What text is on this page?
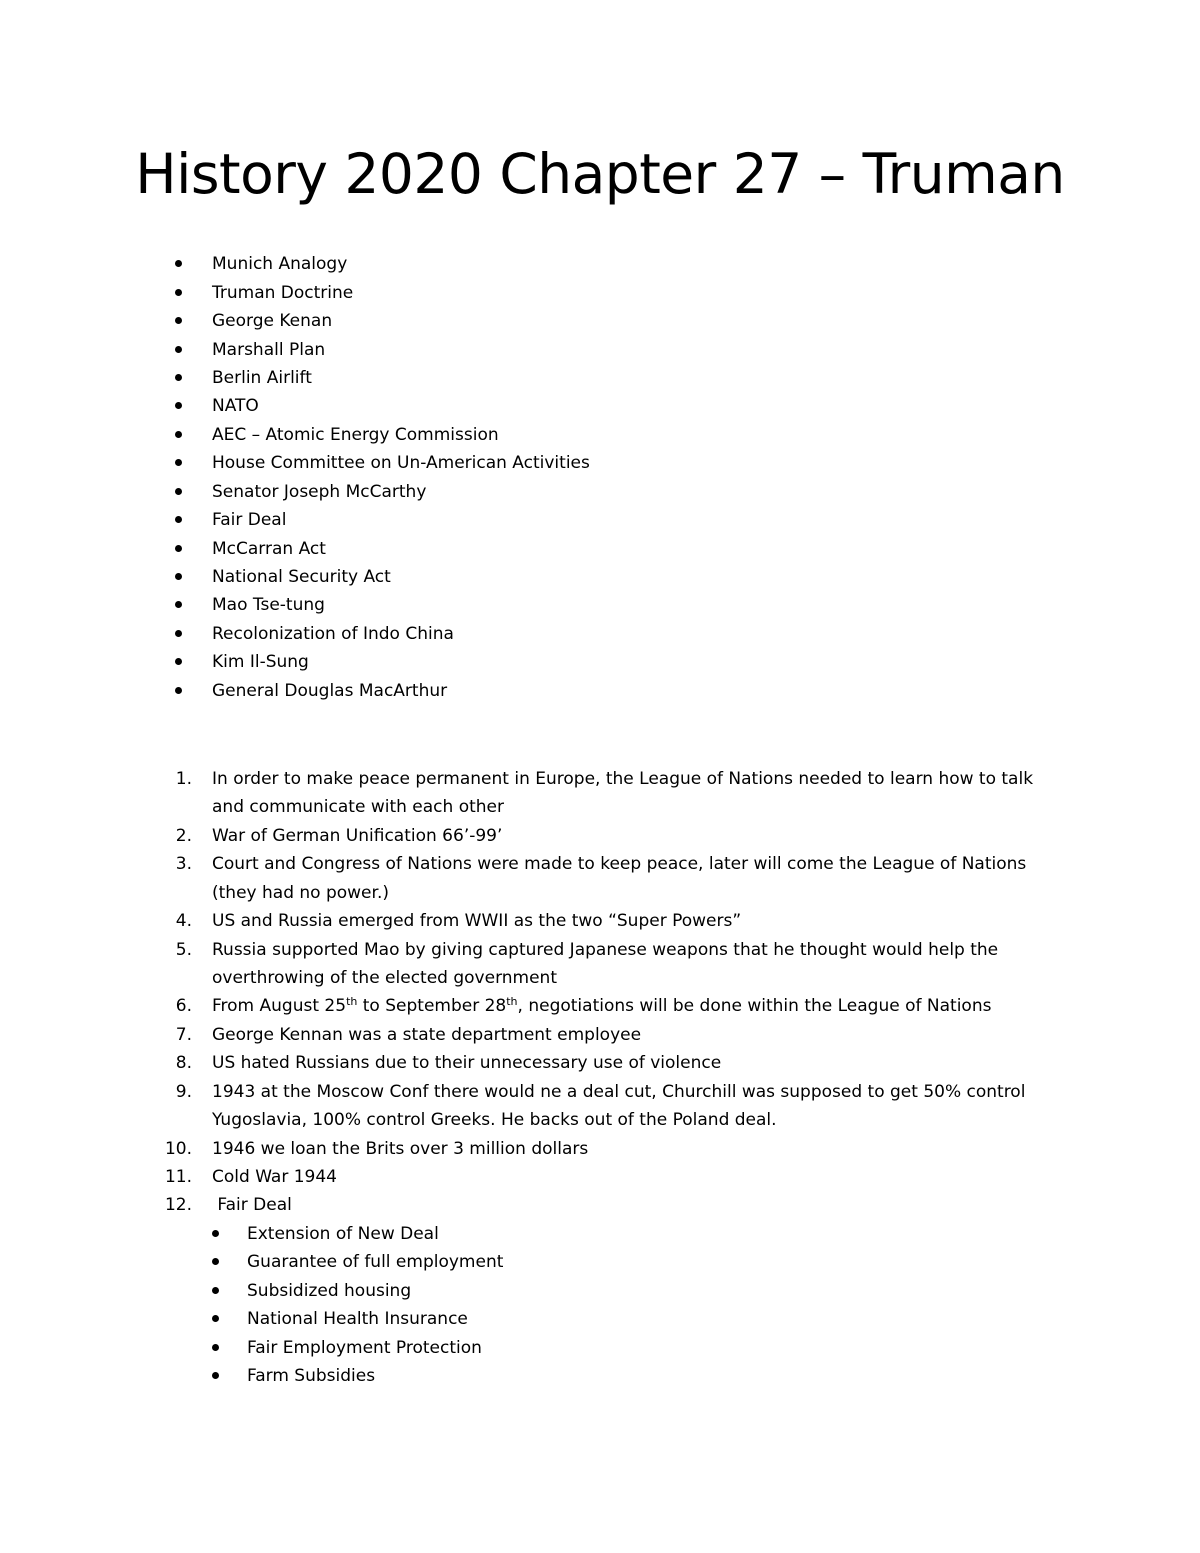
History 2020 Chapter 27 – Truman
Munich Analogy
Truman Doctrine
George Kenan
Marshall Plan
Berlin Airlift
NATO
AEC – Atomic Energy Commission
House Committee on Un-American Activities
Senator Joseph McCarthy
Fair Deal
McCarran Act
National Security Act
Mao Tse-tung
Recolonization of Indo China
Kim Il-Sung
General Douglas MacArthur
1. In order to make peace permanent in Europe, the League of Nations needed to learn how to talk
and communicate with each other
2. War of German Unification 66’-99’
3. Court and Congress of Nations were made to keep peace, later will come the League of Nations
(they had no power.)
4. US and Russia emerged from WWII as the two “Super Powers”
5. Russia supported Mao by giving captured Japanese weapons that he thought would help the
overthrowing of the elected government
6. From August 25th to September 28th, negotiations will be done within the League of Nations
7. George Kennan was a state department employee
8. US hated Russians due to their unnecessary use of violence
9. 1943 at the Moscow Conf there would ne a deal cut, Churchill was supposed to get 50% control
Yugoslavia, 100% control Greeks. He backs out of the Poland deal.
10. 1946 we loan the Brits over 3 million dollars
11. Cold War 1944
12. Fair Deal
Extension of New Deal
Guarantee of full employment
Subsidized housing
National Health Insurance
Fair Employment Protection
Farm Subsidies
